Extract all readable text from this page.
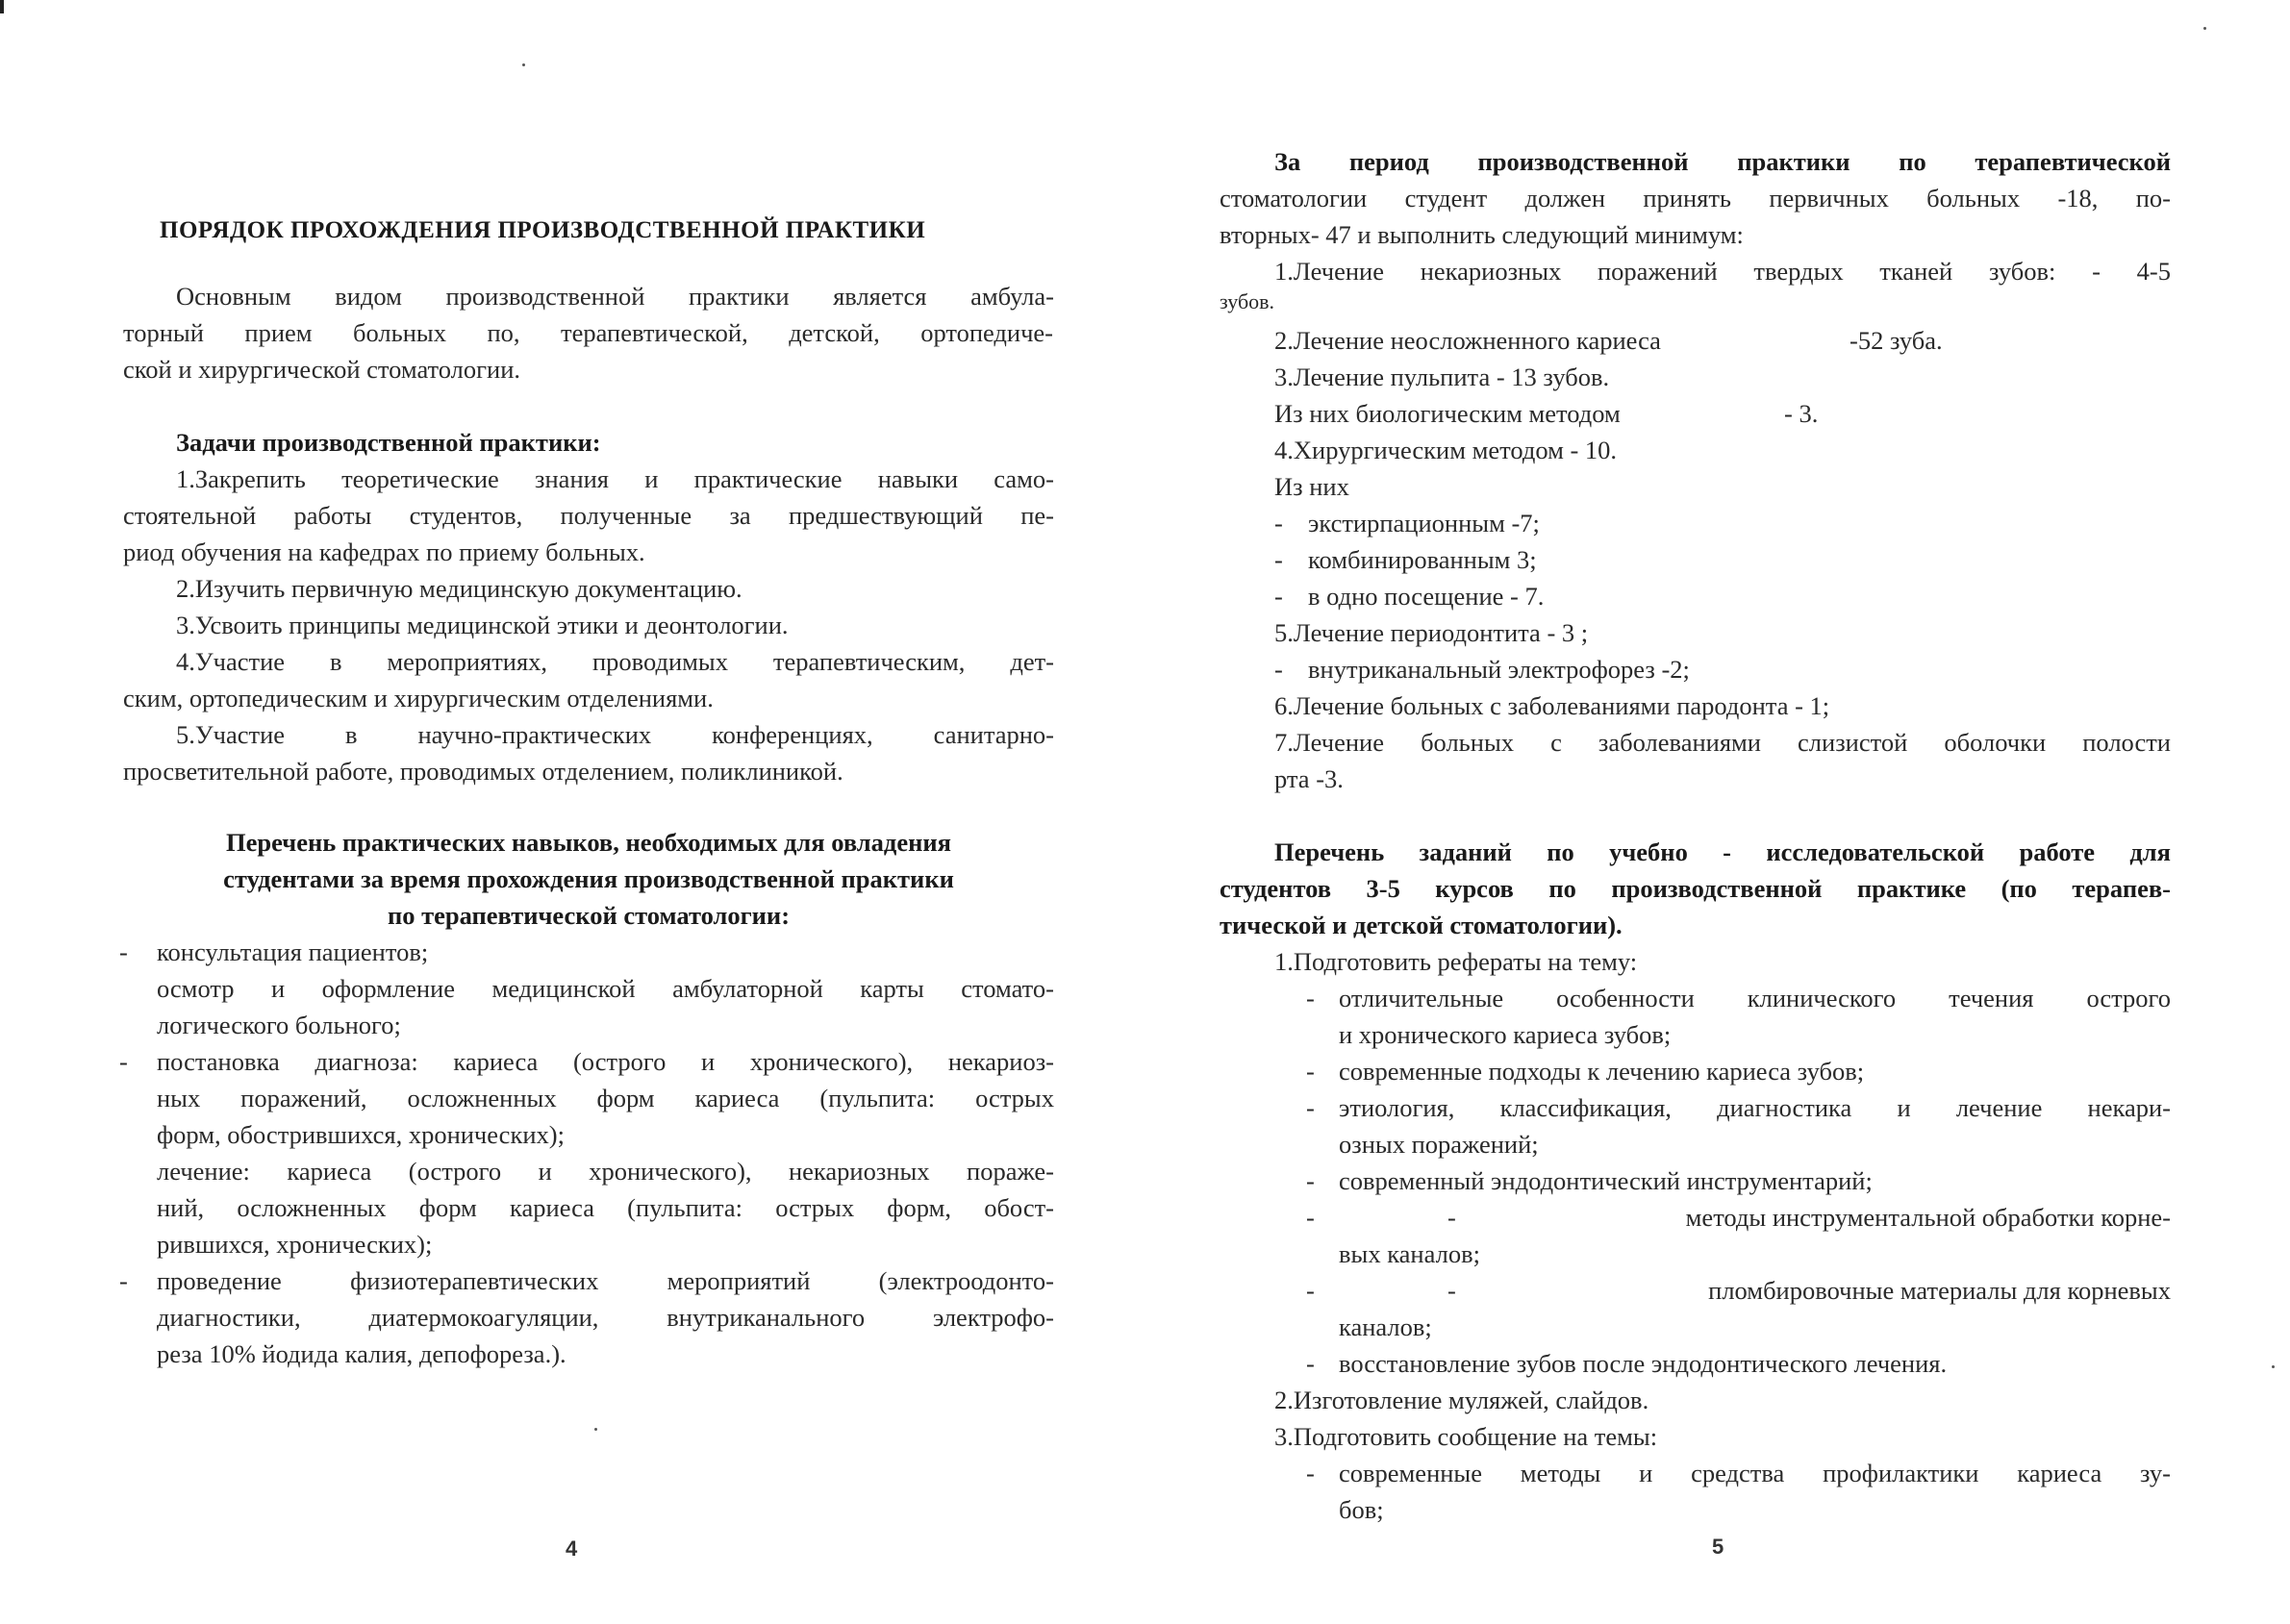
ПОРЯДОК ПРОХОЖДЕНИЯ ПРОИЗВОДСТВЕННОЙ ПРАКТИКИ
Основным видом производственной практики является амбула-
торный прием больных по, терапевтической, детской, ортопедиче-
ской и хирургической стоматологии.
Задачи производственной практики:
1.Закрепить теоретические знания и практические навыки само-
стоятельной работы студентов, полученные за предшествующий пе-
риод обучения на кафедрах по приему больных.
2.Изучить первичную медицинскую документацию.
3.Усвоить принципы медицинской этики и деонтологии.
4.Участие в мероприятиях, проводимых терапевтическим, дет-
ским, ортопедическим и хирургическим отделениями.
5.Участие в научно-практических конференциях, санитарно-
просветительной работе, проводимых отделением, поликлиникой.
Перечень практических навыков, необходимых для овладения
студентами за время прохождения производственной практики
по терапевтической стоматологии:
- консультация пациентов;
осмотр и оформление медицинской амбулаторной карты стомато-
логического больного;
- постановка диагноза: кариеса (острого и хронического), некариоз-
ных поражений, осложненных форм кариеса (пульпита: острых
форм, обострившихся, хронических);
лечение: кариеса (острого и хронического), некариозных пораже-
ний, осложненных форм кариеса (пульпита: острых форм, обост-
рившихся, хронических);
- проведение физиотерапевтических мероприятий (электроодонто-
диагностики, диатермокоагуляции, внутриканального электрофо-
реза 10% йодида калия, депофореза.).
4
За период производственной практики по терапевтической
стоматологии студент должен принять первичных больных -18, по-
вторных- 47 и выполнить следующий минимум:
1.Лечение некариозных поражений твердых тканей зубов: - 4-5
зубов.
2.Лечение неосложненного кариеса	-52 зуба.
3.Лечение пульпита - 13 зубов.
Из них биологическим методом	- 3.
4.Хирургическим методом - 10.
Из них
- экстирпационным -7;
- комбинированным 3;
- в одно посещение - 7.
5.Лечение периодонтита - 3 ;
- внутриканальный электрофорез -2;
6.Лечение больных с заболеваниями пародонта - 1;
7.Лечение больных с заболеваниями слизистой оболочки полости
рта -3.
Перечень заданий по учебно - исследовательской работе для
студентов 3-5 курсов по производственной практике (по терапев-
тической и детской стоматологии).
1.Подготовить рефераты на тему:
- отличительные особенности клинического течения острого
и хронического кариеса зубов;
- современные подходы к лечению кариеса зубов;
- этиология, классификация, диагностика и лечение некари-
озных поражений;
- современный эндодонтический инструментарий;
-	-	методы инструментальной обработки корне-
вых каналов;
-	-	пломбировочные материалы для корневых
каналов;
- восстановление зубов после эндодонтического лечения.
2.Изготовление муляжей, слайдов.
3.Подготовить сообщение на темы:
- современные методы и средства профилактики кариеса зу-
бов;
5
